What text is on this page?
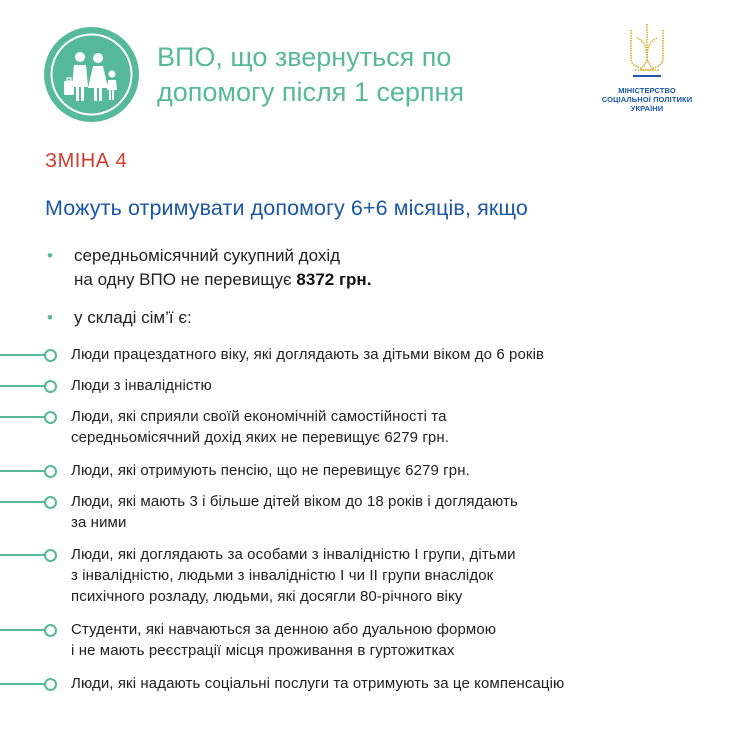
ВПО, що звернуться по
допомогу після 1 серпня	МІНІСТЕРСТВО
СОЦІАЛЬНОЇ ПОЛІТИКИ
УКРАЇНИ
ЗМІНА 4
Можуть отримувати допомогу 6+6 місяців, якщо
• середньомісячний сукупний дохід
на одну ВПО не перевищує 8372 грн.
• у складі сім’ї є:
Люди працездатного віку, які доглядають за дітьми віком до 6 років
Люди з інвалідністю
Люди, які сприяли своїй економічній самостійності та
середньомісячний дохід яких не перевищує 6279 грн.
Люди, які отримують пенсію, що не перевищує 6279 грн.
Люди, які мають 3 і більше дітей віком до 18 років і доглядають
за ними
Люди, які доглядають за особами з інвалідністю І групи, дітьми
з інвалідністю, людьми з інвалідністю І чи ІІ групи внаслідок
психічного розладу, людьми, які досягли 80-річного віку
Студенти, які навчаються за денною або дуальною формою
і не мають реєстрації місця проживання в гуртожитках
Люди, які надають соціальні послуги та отримують за це компенсацію
